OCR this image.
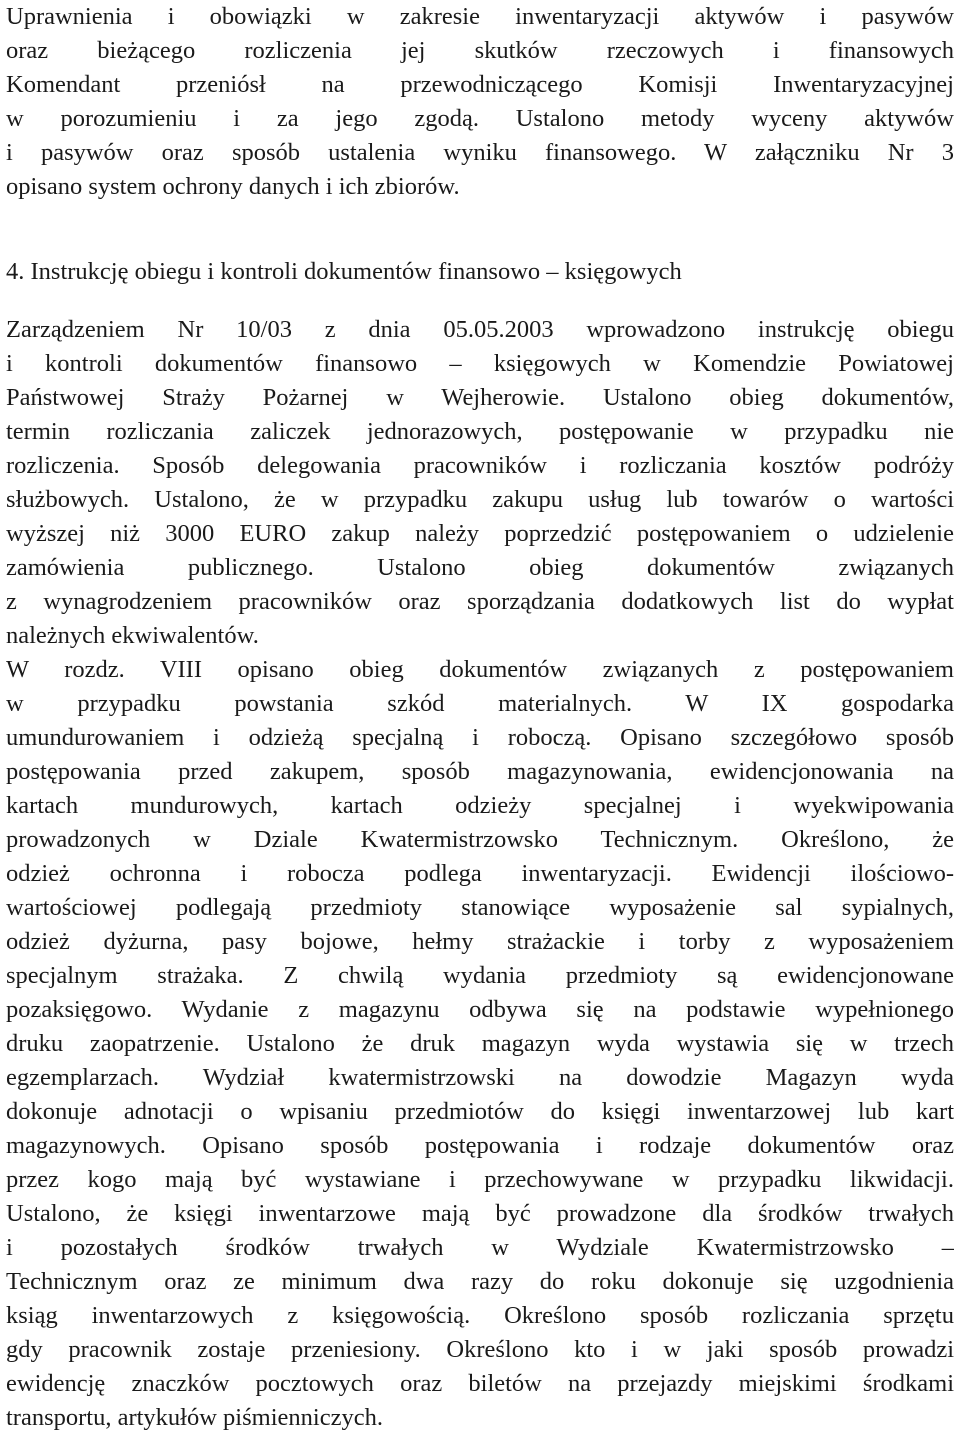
Uprawnienia i obowiązki w zakresie inwentaryzacji aktywów i pasywów
oraz bieżącego rozliczenia jej skutków rzeczowych i finansowych
Komendant przeniósł na przewodniczącego Komisji Inwentaryzacyjnej
w porozumieniu i za jego zgodą. Ustalono metody wyceny aktywów
i pasywów oraz sposób ustalenia wyniku finansowego. W załączniku Nr 3
opisano system ochrony danych i ich zbiorów.
4. Instrukcję obiegu i kontroli dokumentów finansowo – księgowych
Zarządzeniem Nr 10/03 z dnia 05.05.2003 wprowadzono instrukcję obiegu
i kontroli dokumentów finansowo – księgowych w Komendzie Powiatowej
Państwowej Straży Pożarnej w Wejherowie. Ustalono obieg dokumentów,
termin rozliczania zaliczek jednorazowych, postępowanie w przypadku nie
rozliczenia. Sposób delegowania pracowników i rozliczania kosztów podróży
służbowych. Ustalono, że w przypadku zakupu usług lub towarów o wartości
wyższej niż 3000 EURO zakup należy poprzedzić postępowaniem o udzielenie
zamówienia publicznego. Ustalono obieg dokumentów związanych
z wynagrodzeniem pracowników oraz sporządzania dodatkowych list do wypłat
należnych ekwiwalentów.
W rozdz. VIII opisano obieg dokumentów związanych z postępowaniem
w przypadku powstania szkód materialnych. W IX gospodarka
umundurowaniem i odzieżą specjalną i roboczą. Opisano szczegółowo sposób
postępowania przed zakupem, sposób magazynowania, ewidencjonowania na
kartach mundurowych, kartach odzieży specjalnej i wyekwipowania
prowadzonych w Dziale Kwatermistrzowsko Technicznym. Określono, że
odzież ochronna i robocza podlega inwentaryzacji. Ewidencji ilościowo-
wartościowej podlegają przedmioty stanowiące wyposażenie sal sypialnych,
odzież dyżurna, pasy bojowe, hełmy strażackie i torby z wyposażeniem
specjalnym strażaka. Z chwilą wydania przedmioty są ewidencjonowane
pozaksięgowo. Wydanie z magazynu odbywa się na podstawie wypełnionego
druku zaopatrzenie. Ustalono że druk magazyn wyda wystawia się w trzech
egzemplarzach. Wydział kwatermistrzowski na dowodzie Magazyn wyda
dokonuje adnotacji o wpisaniu przedmiotów do księgi inwentarzowej lub kart
magazynowych. Opisano sposób postępowania i rodzaje dokumentów oraz
przez kogo mają być wystawiane i przechowywane w przypadku likwidacji.
Ustalono, że księgi inwentarzowe mają być prowadzone dla środków trwałych
i pozostałych środków trwałych w Wydziale Kwatermistrzowsko –
Technicznym oraz ze minimum dwa razy do roku dokonuje się uzgodnienia
ksiąg inwentarzowych z księgowością. Określono sposób rozliczania sprzętu
gdy pracownik zostaje przeniesiony. Określono kto i w jaki sposób prowadzi
ewidencję znaczków pocztowych oraz biletów na przejazdy miejskimi środkami
transportu, artykułów piśmienniczych.
